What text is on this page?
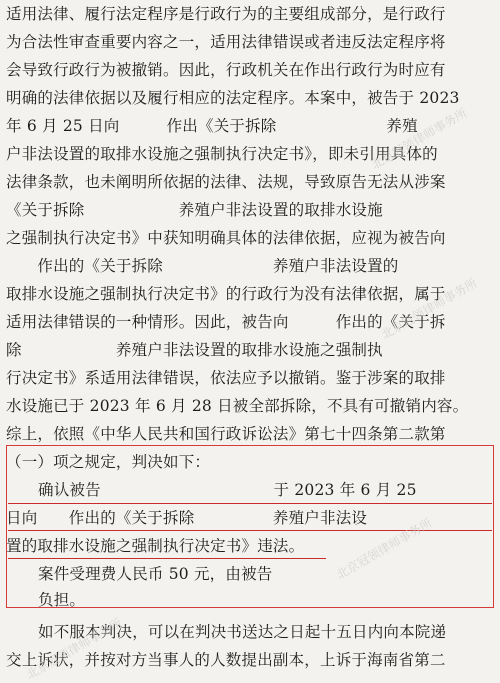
适用法律、履行法定程序是行政行为的主要组成部分，是行政行
为合法性审查重要内容之一，适用法律错误或者违反法定程序将
会导致行政行为被撤销。因此，行政机关在作出行政行为时应有
明确的法律依据以及履行相应的法定程序。本案中，被告于 2023
年 6 月 25 日向　　　作出《关于拆除　　　　　　　养殖
户非法设置的取排水设施之强制执行决定书》，即未引用具体的
法律条款，也未阐明所依据的法律、法规，导致原告无法从涉案
《关于拆除　　　　　　养殖户非法设置的取排水设施
之强制执行决定书》中获知明确具体的法律依据，应视为被告向
　　作出的《关于拆除　　　　　　　养殖户非法设置的
取排水设施之强制执行决定书》的行政行为没有法律依据，属于
适用法律错误的一种情形。因此，被告向　　　作出的《关于拆
除　　　　　　养殖户非法设置的取排水设施之强制执
行决定书》系适用法律错误，依法应予以撤销。鉴于涉案的取排
水设施已于 2023 年 6 月 28 日被全部拆除，不具有可撤销内容。
综上，依照《中华人民共和国行政诉讼法》第七十四条第二款第
（一）项之规定，判决如下：
确认被告　　　　　　　　　　　于 2023 年 6 月 25
日向　　作出的《关于拆除　　　　　养殖户非法设
置的取排水设施之强制执行决定书》违法。
案件受理费人民币 50 元，由被告
负担。
如不服本判决，可以在判决书送达之日起十五日内向本院递
交上诉状，并按对方当事人的人数提出副本，上诉于海南省第二
北京冠领律师事务所
北京冠领律师事务所
北京冠领律师事务所
北京冠领律师事务所
